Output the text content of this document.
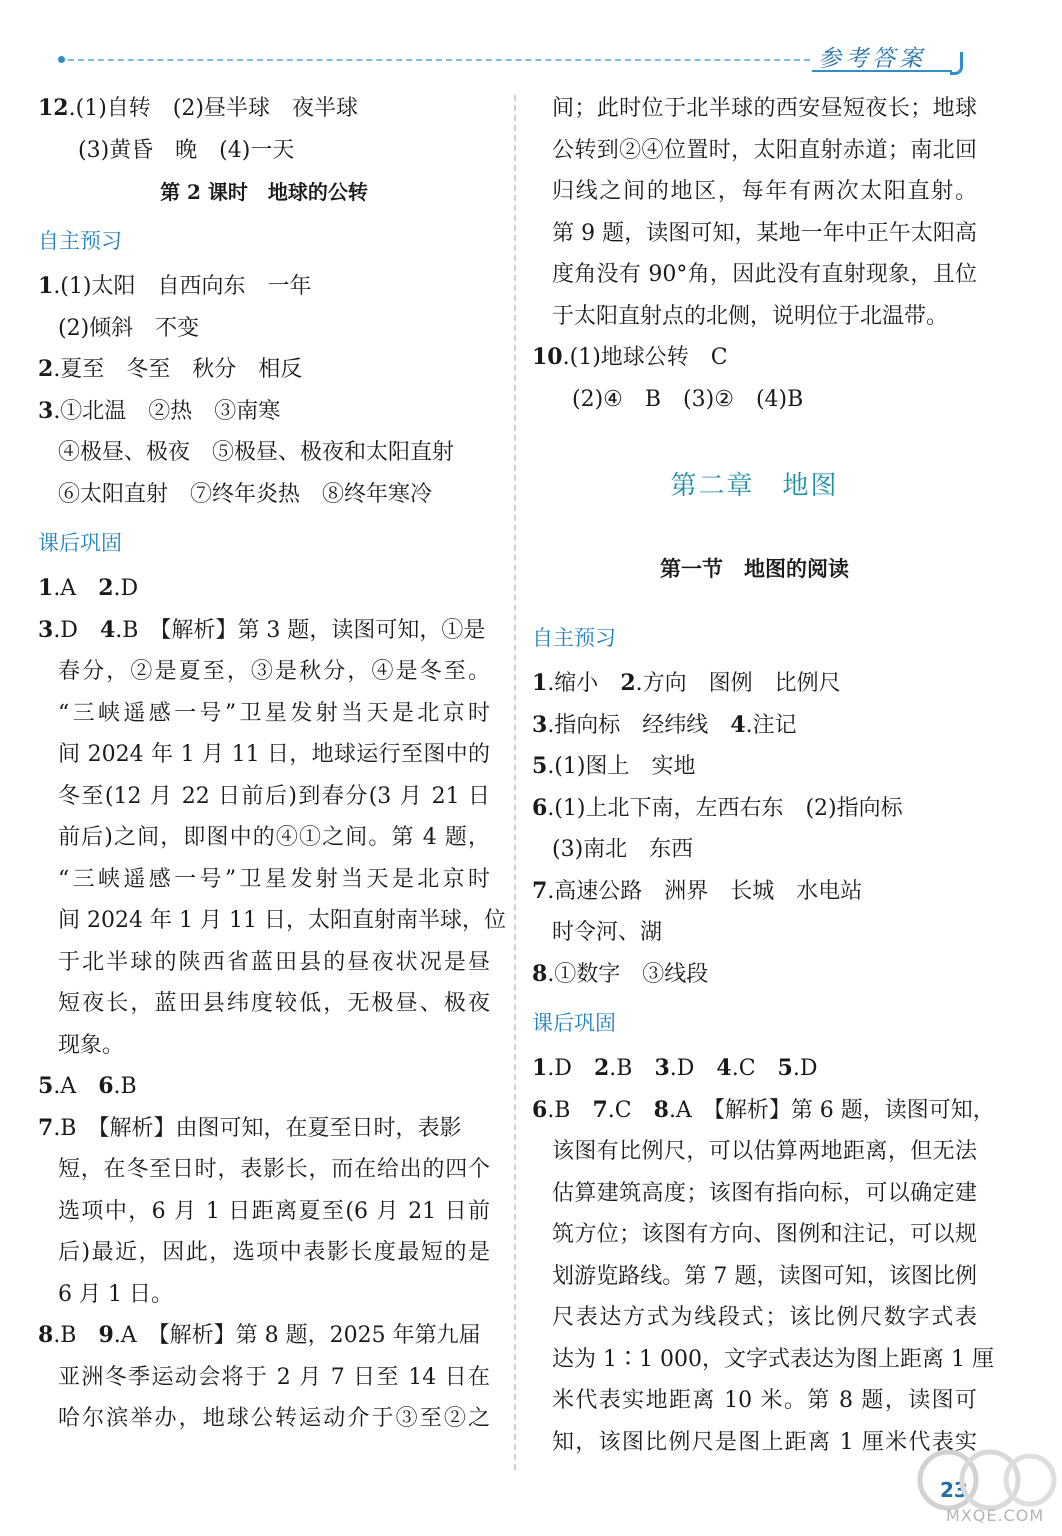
参考答案
12.(1)自转　(2)昼半球　夜半球
(3)黄昏　晚　(4)一天
第 2 课时　地球的公转
自主预习
1.(1)太阳　自西向东　一年
(2)倾斜　不变
2.夏至　冬至　秋分　相反
3.①北温　②热　③南寒
④极昼、极夜　⑤极昼、极夜和太阳直射
⑥太阳直射　⑦终年炎热　⑧终年寒冷
课后巩固
1.A　2.D
3.D　4.B　【解析】第 3 题，读图可知，①是
春分，②是夏至，③是秋分，④是冬至。
“三峡遥感一号”卫星发射当天是北京时
间 2024 年 1 月 11 日，地球运行至图中的
冬至(12 月 22 日前后)到春分(3 月 21 日
前后)之间，即图中的④①之间。第 4 题，
“三峡遥感一号”卫星发射当天是北京时
间 2024 年 1 月 11 日，太阳直射南半球，位
于北半球的陕西省蓝田县的昼夜状况是昼
短夜长，蓝田县纬度较低，无极昼、极夜
现象。
5.A　6.B
7.B　【解析】由图可知，在夏至日时，表影
短，在冬至日时，表影长，而在给出的四个
选项中，6 月 1 日距离夏至(6 月 21 日前
后)最近，因此，选项中表影长度最短的是
6 月 1 日。
8.B　9.A　【解析】第 8 题，2025 年第九届
亚洲冬季运动会将于 2 月 7 日至 14 日在
哈尔滨举办，地球公转运动介于③至②之
间；此时位于北半球的西安昼短夜长；地球
公转到②④位置时，太阳直射赤道；南北回
归线之间的地区，每年有两次太阳直射。
第 9 题，读图可知，某地一年中正午太阳高
度角没有 90°角，因此没有直射现象，且位
于太阳直射点的北侧，说明位于北温带。
10.(1)地球公转　C
(2)④　B　(3)②　(4)B
第二章　地图
第一节　地图的阅读
自主预习
1.缩小　2.方向　图例　比例尺
3.指向标　经纬线　4.注记
5.(1)图上　实地
6.(1)上北下南，左西右东　(2)指向标
(3)南北　东西
7.高速公路　洲界　长城　水电站
时令河、湖
8.①数字　③线段
课后巩固
1.D　2.B　3.D　4.C　5.D
6.B　7.C　8.A　【解析】第 6 题，读图可知，
该图有比例尺，可以估算两地距离，但无法
估算建筑高度；该图有指向标，可以确定建
筑方位；该图有方向、图例和注记，可以规
划游览路线。第 7 题，读图可知，该图比例
尺表达方式为线段式；该比例尺数字式表
达为 1∶1 000，文字式表达为图上距离 1 厘
米代表实地距离 10 米。第 8 题，读图可
知，该图比例尺是图上距离 1 厘米代表实
23
MXQE.COM
